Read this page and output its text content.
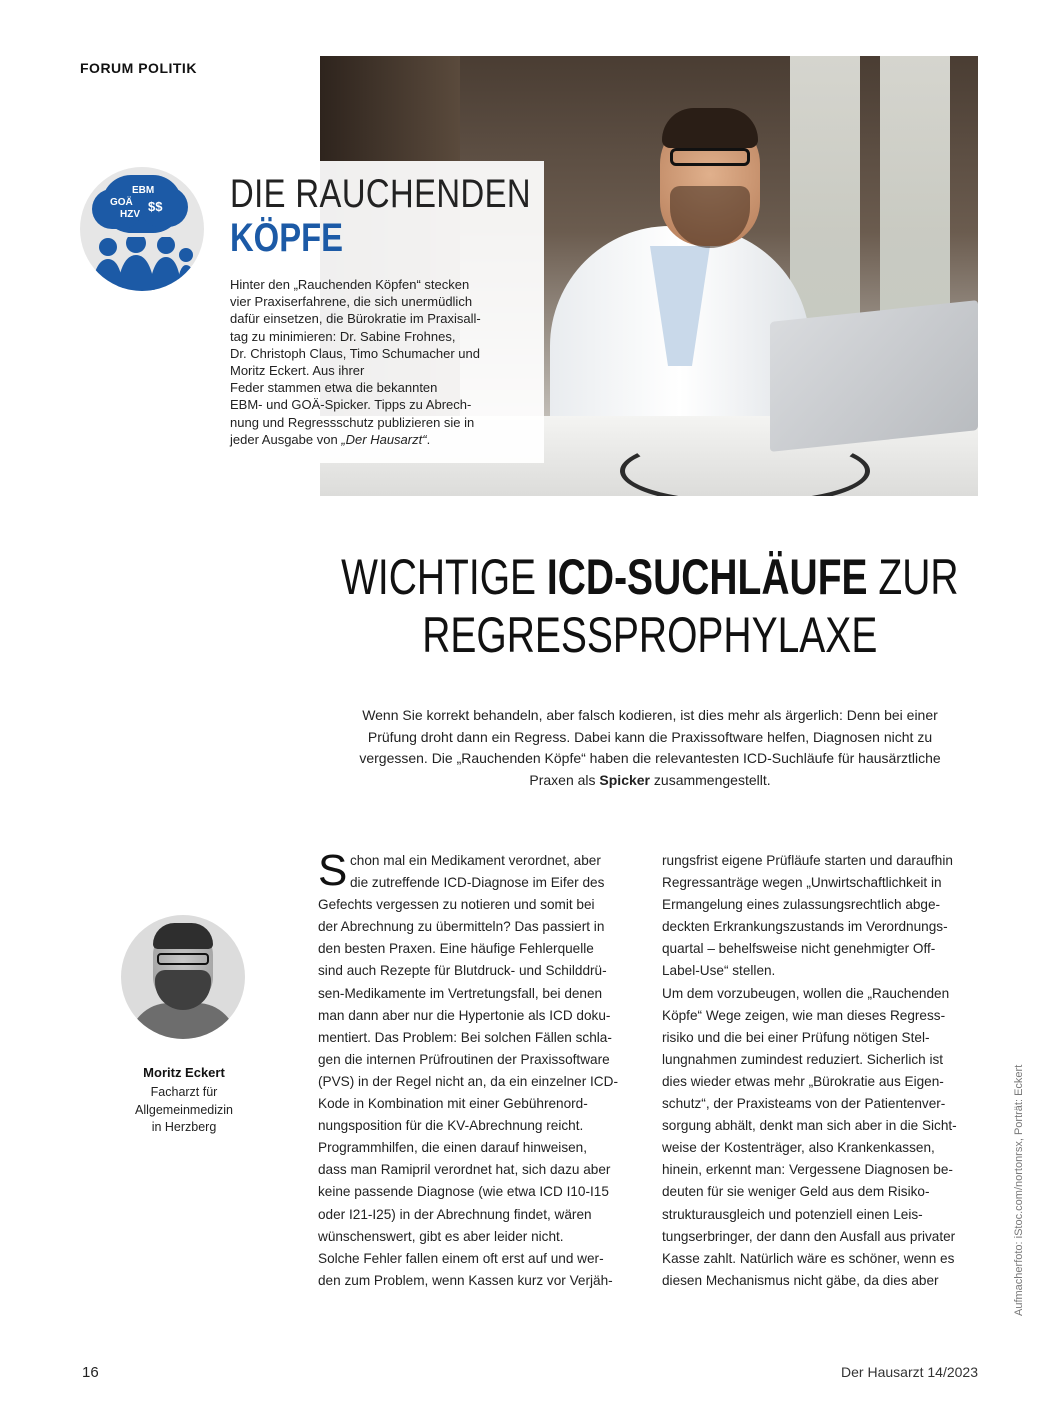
FORUM POLITIK
EBM
GOÄ
HZV
$$ DIE RAUCHENDEN
KÖPFE
Hinter den „Rauchenden Köpfen“ stecken
vier Praxiserfahrene, die sich unermüdlich
dafür einsetzen, die Bürokratie im Praxisall-
tag zu minimieren: Dr. Sabine Frohnes,
Dr. Christoph Claus, Timo Schumacher und
Moritz Eckert. Aus ihrer
Feder stammen etwa die bekannten
EBM- und GOÄ-Spicker. Tipps zu Abrech-
nung und Regressschutz publizieren sie in
jeder Ausgabe von „Der Hausarzt“.
WICHTIGE ICD-SUCHLÄUFE ZUR
REGRESSPROPHYLAXE
Wenn Sie korrekt behandeln, aber falsch kodieren, ist dies mehr als ärgerlich: Denn bei einer
Prüfung droht dann ein Regress. Dabei kann die Praxissoftware helfen, Diagnosen nicht zu
vergessen. Die „Rauchenden Köpfe“ haben die relevantesten ICD-Suchläufe für hausärztliche
Praxen als Spicker zusammengestellt.
Moritz Eckert
Facharzt für
Allgemeinmedizin
in Herzberg
S chon mal ein Medikament verordnet, aber
die zutreffende ICD-Diagnose im Eifer des
Gefechts vergessen zu notieren und somit bei
der Abrechnung zu übermitteln? Das passiert in
den besten Praxen. Eine häufige Fehlerquelle
sind auch Rezepte für Blutdruck- und Schilddrü-
sen-Medikamente im Vertretungsfall, bei denen
man dann aber nur die Hypertonie als ICD doku-
mentiert. Das Problem: Bei solchen Fällen schla-
gen die internen Prüfroutinen der Praxissoftware
(PVS) in der Regel nicht an, da ein einzelner ICD-
Kode in Kombination mit einer Gebührenord-
nungsposition für die KV-Abrechnung reicht.
Programmhilfen, die einen darauf hinweisen,
dass man Ramipril verordnet hat, sich dazu aber
keine passende Diagnose (wie etwa ICD I10-I15
oder I21-I25) in der Abrechnung findet, wären
wünschenswert, gibt es aber leider nicht.
Solche Fehler fallen einem oft erst auf und wer-
den zum Problem, wenn Kassen kurz vor Verjäh-
rungsfrist eigene Prüfläufe starten und daraufhin
Regressanträge wegen „Unwirtschaftlichkeit in
Ermangelung eines zulassungsrechtlich abge-
deckten Erkrankungszustands im Verordnungs-
quartal – behelfsweise nicht genehmigter Off-
Label-Use“ stellen.
Um dem vorzubeugen, wollen die „Rauchenden
Köpfe“ Wege zeigen, wie man dieses Regress-
risiko und die bei einer Prüfung nötigen Stel-
lungnahmen zumindest reduziert. Sicherlich ist
dies wieder etwas mehr „Bürokratie aus Eigen-
schutz“, der Praxisteams von der Patientenver-
sorgung abhält, denkt man sich aber in die Sicht-
weise der Kostenträger, also Krankenkassen,
hinein, erkennt man: Vergessene Diagnosen be-
deuten für sie weniger Geld aus dem Risiko-
strukturausgleich und potenziell einen Leis-
tungserbringer, der dann den Ausfall aus privater
Kasse zahlt. Natürlich wäre es schöner, wenn es
diesen Mechanismus nicht gäbe, da dies aber	Aufmacherfoto: iStoc.com/nortonrsx, Porträt: Eckert
16	Der Hausarzt 14/2023
